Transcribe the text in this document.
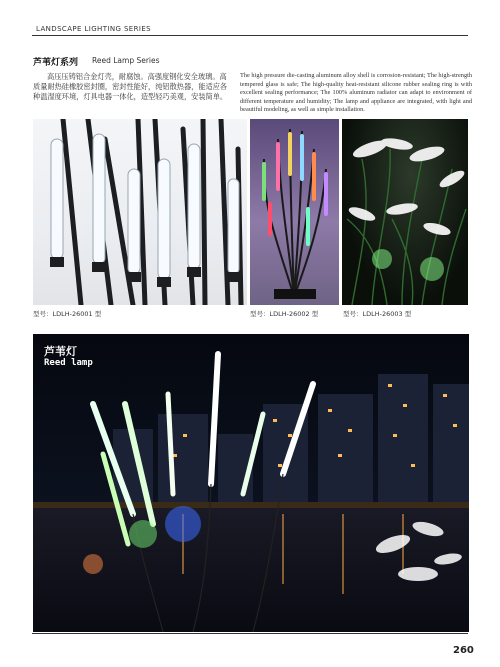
LANDSCAPE LIGHTING SERIES
芦苇灯系列 Reed Lamp Series
高压压铸铝合金灯壳，耐腐蚀。高强度钢化安全玻璃。高质量耐热硅橡胶密封圈，密封性能好，纯铝散热器，能适应各种温湿度环境，灯具电器一体化，造型轻巧美观，安装简单。
The high pressure die-casting aluminum alloy shell is corrosion-resistant; The high-strength tempered glass is safe; The high-quality heat-resistant silicone rubber sealing ring is with excellent sealing performance; The 100% aluminum radiator can adapt to environment of different temperature and humidity; The lamp and appliance are integrated, with light and beautiful modeling, as well as simple installation.
型号：LDLH-26001 型	型号：LDLH-26002 型	型号：LDLH-26003 型
芦苇灯
Reed lamp
260
